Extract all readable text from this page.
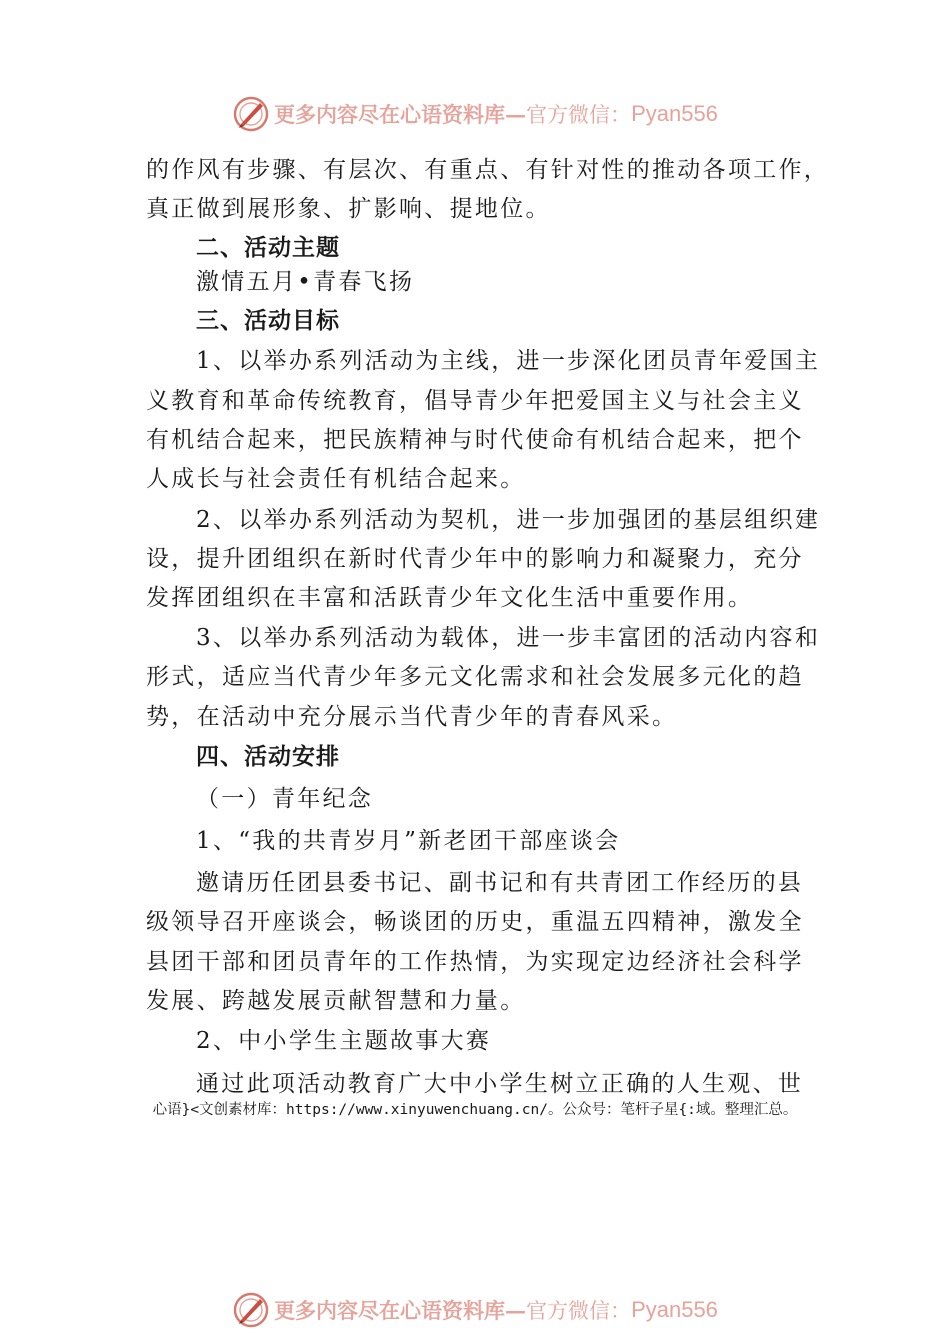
更多内容尽在心语资料库— 官方微信： Pyan556
的作风有步骤、有层次、有重点、有针对性的推动各项工作，
真正做到展形象、扩影响、提地位。
二、活动主题
激情五月•青春飞扬
三、活动目标
1、以举办系列活动为主线，进一步深化团员青年爱国主
义教育和革命传统教育，倡导青少年把爱国主义与社会主义
有机结合起来，把民族精神与时代使命有机结合起来，把个
人成长与社会责任有机结合起来。
2、以举办系列活动为契机，进一步加强团的基层组织建
设，提升团组织在新时代青少年中的影响力和凝聚力，充分
发挥团组织在丰富和活跃青少年文化生活中重要作用。
3、以举办系列活动为载体，进一步丰富团的活动内容和
形式，适应当代青少年多元文化需求和社会发展多元化的趋
势，在活动中充分展示当代青少年的青春风采。
四、活动安排
（一）青年纪念
1、“我的共青岁月”新老团干部座谈会
邀请历任团县委书记、副书记和有共青团工作经历的县
级领导召开座谈会，畅谈团的历史，重温五四精神，激发全
县团干部和团员青年的工作热情，为实现定边经济社会科学
发展、跨越发展贡献智慧和力量。
2、中小学生主题故事大赛
通过此项活动教育广大中小学生树立正确的人生观、世
心语}<文创素材库：https://www.xinyuwenchuang.cn/。公众号：笔杆子星{:域。整理汇总。
更多内容尽在心语资料库— 官方微信： Pyan556
